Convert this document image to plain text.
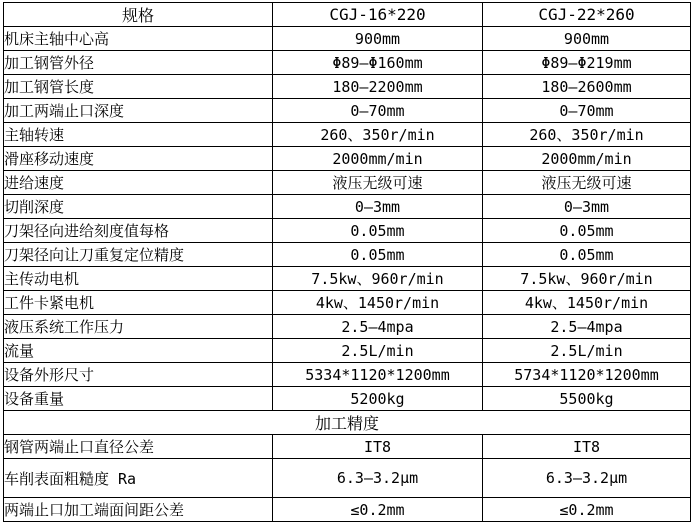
规格	CGJ-16*220	CGJ-22*260
机床主轴中心高	900mm	900mm
加工钢管外径	Φ89—Φ160mm	Φ89—Φ219mm
加工钢管长度	180—2200mm	180—2600mm
加工两端止口深度	0—70mm	0—70mm
主轴转速	260、350r/min	260、350r/min
滑座移动速度	2000mm/min	2000mm/min
进给速度	液压无级可速	液压无级可速
切削深度	0—3mm	0—3mm
刀架径向进给刻度值每格	0.05mm	0.05mm
刀架径向让刀重复定位精度	0.05mm	0.05mm
主传动电机	7.5kw、960r/min	7.5kw、960r/min
工件卡紧电机	4kw、1450r/min	4kw、1450r/min
液压系统工作压力	2.5—4mpa	2.5—4mpa
流量	2.5L/min	2.5L/min
设备外形尺寸	5334*1120*1200mm	5734*1120*1200mm
设备重量	5200kg	5500kg
加工精度		
钢管两端止口直径公差	IT8	IT8
车削表面粗糙度 Ra	6.3—3.2μm	6.3—3.2μm
两端止口加工端面间距公差	≤0.2mm	≤0.2mm
